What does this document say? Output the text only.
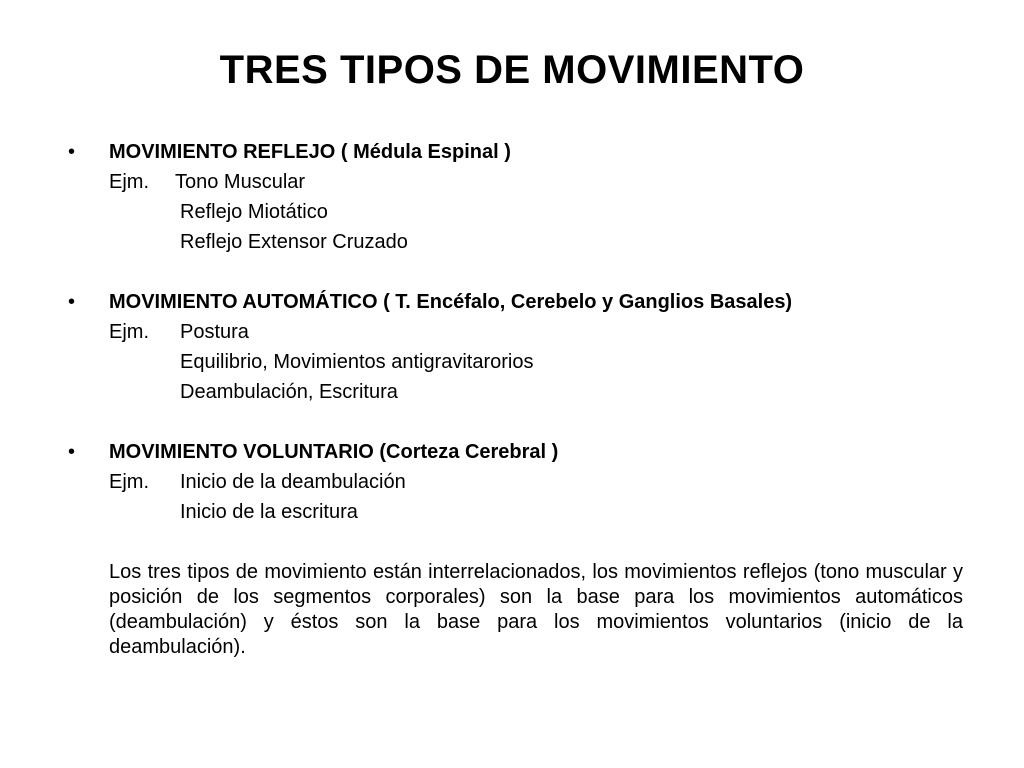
TRES TIPOS DE MOVIMIENTO
• MOVIMIENTO REFLEJO ( Médula Espinal )
Ejm. Tono Muscular
Reflejo Miotático
Reflejo Extensor Cruzado
• MOVIMIENTO AUTOMÁTICO ( T. Encéfalo, Cerebelo y Ganglios Basales)
Ejm. Postura
Equilibrio, Movimientos antigravitarorios
Deambulación, Escritura
• MOVIMIENTO VOLUNTARIO (Corteza Cerebral )
Ejm. Inicio de la deambulación
Inicio de la escritura

Los tres tipos de movimiento están interrelacionados, los movimientos reflejos (tono muscular y posición de los segmentos corporales) son la base para los movimientos automáticos (deambulación) y éstos son la base para los movimientos voluntarios (inicio de la deambulación).
